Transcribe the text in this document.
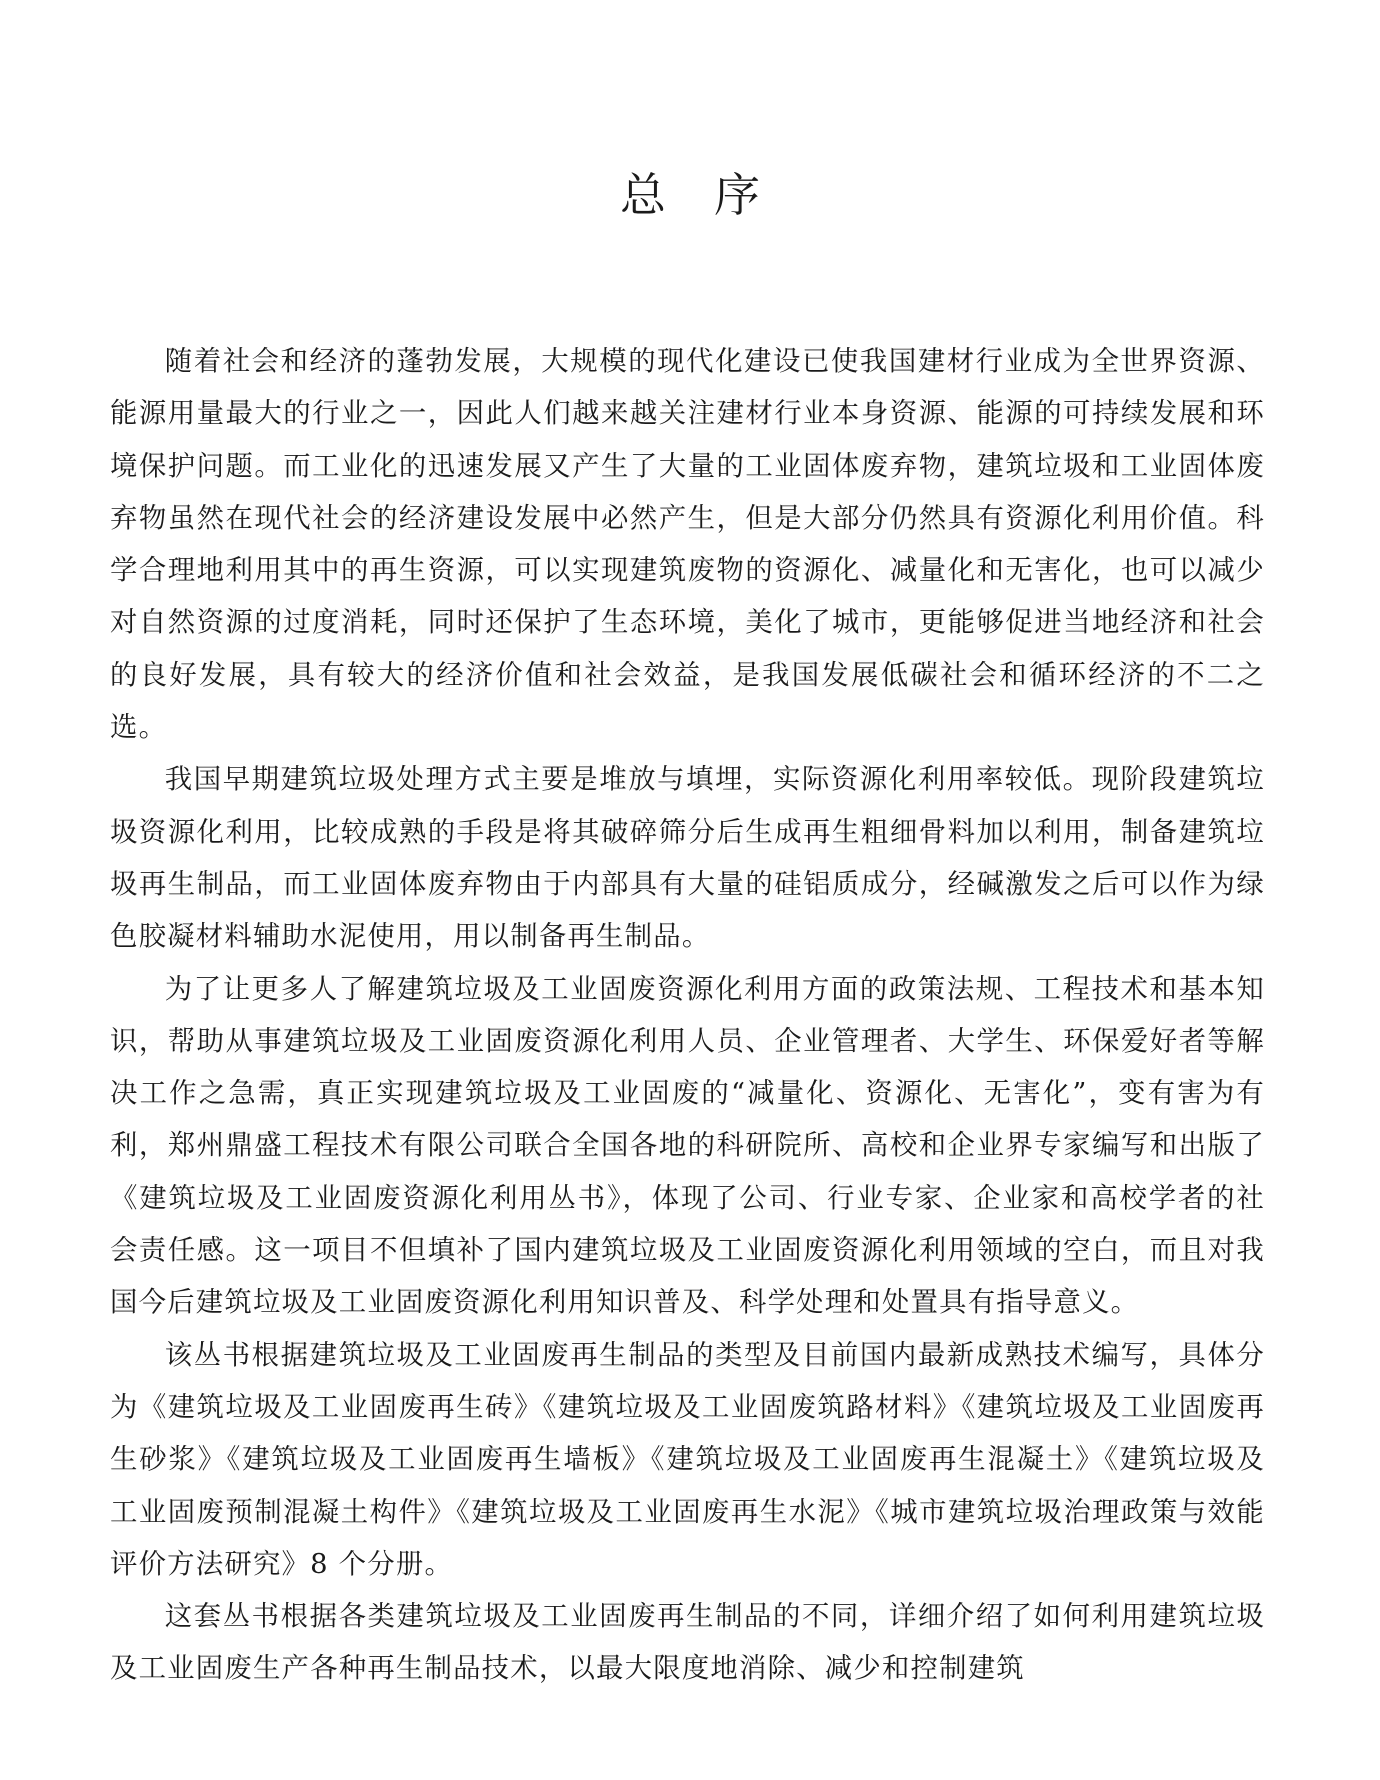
总序

随着社会和经济的蓬勃发展，大规模的现代化建设已使我国建材行业成为全世界资源、能源用量最大的行业之一，因此人们越来越关注建材行业本身资源、能源的可持续发展和环境保护问题。而工业化的迅速发展又产生了大量的工业固体废弃物，建筑垃圾和工业固体废弃物虽然在现代社会的经济建设发展中必然产生，但是大部分仍然具有资源化利用价值。科学合理地利用其中的再生资源，可以实现建筑废物的资源化、减量化和无害化，也可以减少对自然资源的过度消耗，同时还保护了生态环境，美化了城市，更能够促进当地经济和社会的良好发展，具有较大的经济价值和社会效益，是我国发展低碳社会和循环经济的不二之选。

我国早期建筑垃圾处理方式主要是堆放与填埋，实际资源化利用率较低。现阶段建筑垃圾资源化利用，比较成熟的手段是将其破碎筛分后生成再生粗细骨料加以利用，制备建筑垃圾再生制品，而工业固体废弃物由于内部具有大量的硅铝质成分，经碱激发之后可以作为绿色胶凝材料辅助水泥使用，用以制备再生制品。

为了让更多人了解建筑垃圾及工业固废资源化利用方面的政策法规、工程技术和基本知识，帮助从事建筑垃圾及工业固废资源化利用人员、企业管理者、大学生、环保爱好者等解决工作之急需，真正实现建筑垃圾及工业固废的“减量化、资源化、无害化”，变有害为有利，郑州鼎盛工程技术有限公司联合全国各地的科研院所、高校和企业界专家编写和出版了《建筑垃圾及工业固废资源化利用丛书》，体现了公司、行业专家、企业家和高校学者的社会责任感。这一项目不但填补了国内建筑垃圾及工业固废资源化利用领域的空白，而且对我国今后建筑垃圾及工业固废资源化利用知识普及、科学处理和处置具有指导意义。

该丛书根据建筑垃圾及工业固废再生制品的类型及目前国内最新成熟技术编写，具体分为《建筑垃圾及工业固废再生砖》《建筑垃圾及工业固废筑路材料》《建筑垃圾及工业固废再生砂浆》《建筑垃圾及工业固废再生墙板》《建筑垃圾及工业固废再生混凝土》《建筑垃圾及工业固废预制混凝土构件》《建筑垃圾及工业固废再生水泥》《城市建筑垃圾治理政策与效能评价方法研究》8 个分册。

这套丛书根据各类建筑垃圾及工业固废再生制品的不同，详细介绍了如何利用建筑垃圾及工业固废生产各种再生制品技术，以最大限度地消除、减少和控制建筑
